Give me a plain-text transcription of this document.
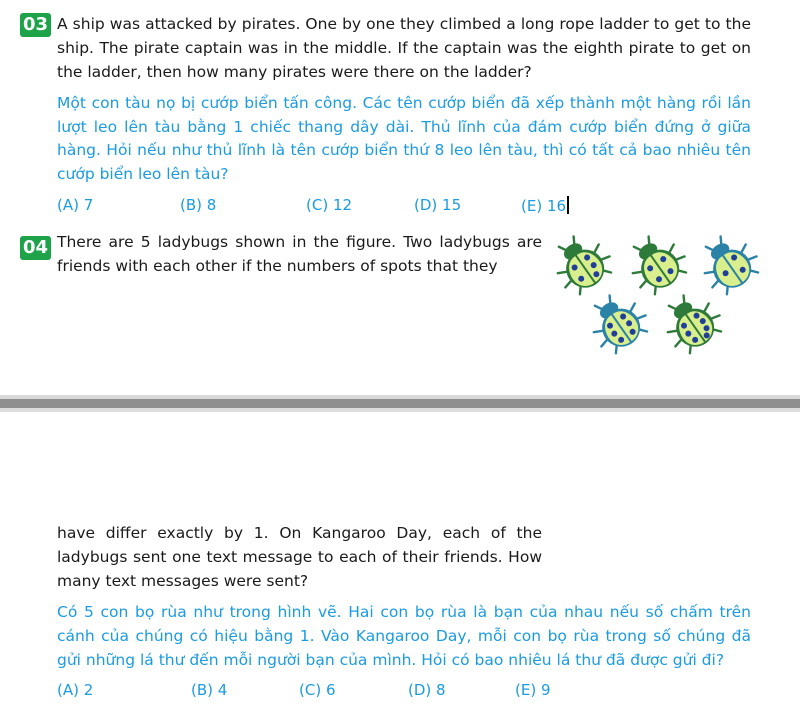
03 A ship was attacked by pirates. One by one they climbed a long rope ladder to get to the ship. The pirate captain was in the middle. If the captain was the eighth pirate to get on the ladder, then how many pirates were there on the ladder?

Một con tàu nọ bị cướp biển tấn công. Các tên cướp biển đã xếp thành một hàng rồi lần lượt leo lên tàu bằng 1 chiếc thang dây dài. Thủ lĩnh của đám cướp biển đứng ở giữa hàng. Hỏi nếu như thủ lĩnh là tên cướp biển thứ 8 leo lên tàu, thì có tất cả bao nhiêu tên cướp biển leo lên tàu?

(A) 7	(B) 8	(C) 12	(D) 15	(E) 16
04 There are 5 ladybugs shown in the figure. Two ladybugs are friends with each other if the numbers of spots that they

have differ exactly by 1. On Kangaroo Day, each of the ladybugs sent one text message to each of their friends. How many text messages were sent?

Có 5 con bọ rùa như trong hình vẽ. Hai con bọ rùa là bạn của nhau nếu số chấm trên cánh của chúng có hiệu bằng 1. Vào Kangaroo Day, mỗi con bọ rùa trong số chúng đã gửi những lá thư đến mỗi người bạn của mình. Hỏi có bao nhiêu lá thư đã được gửi đi?

(A) 2	(B) 4	(C) 6	(D) 8	(E) 9
